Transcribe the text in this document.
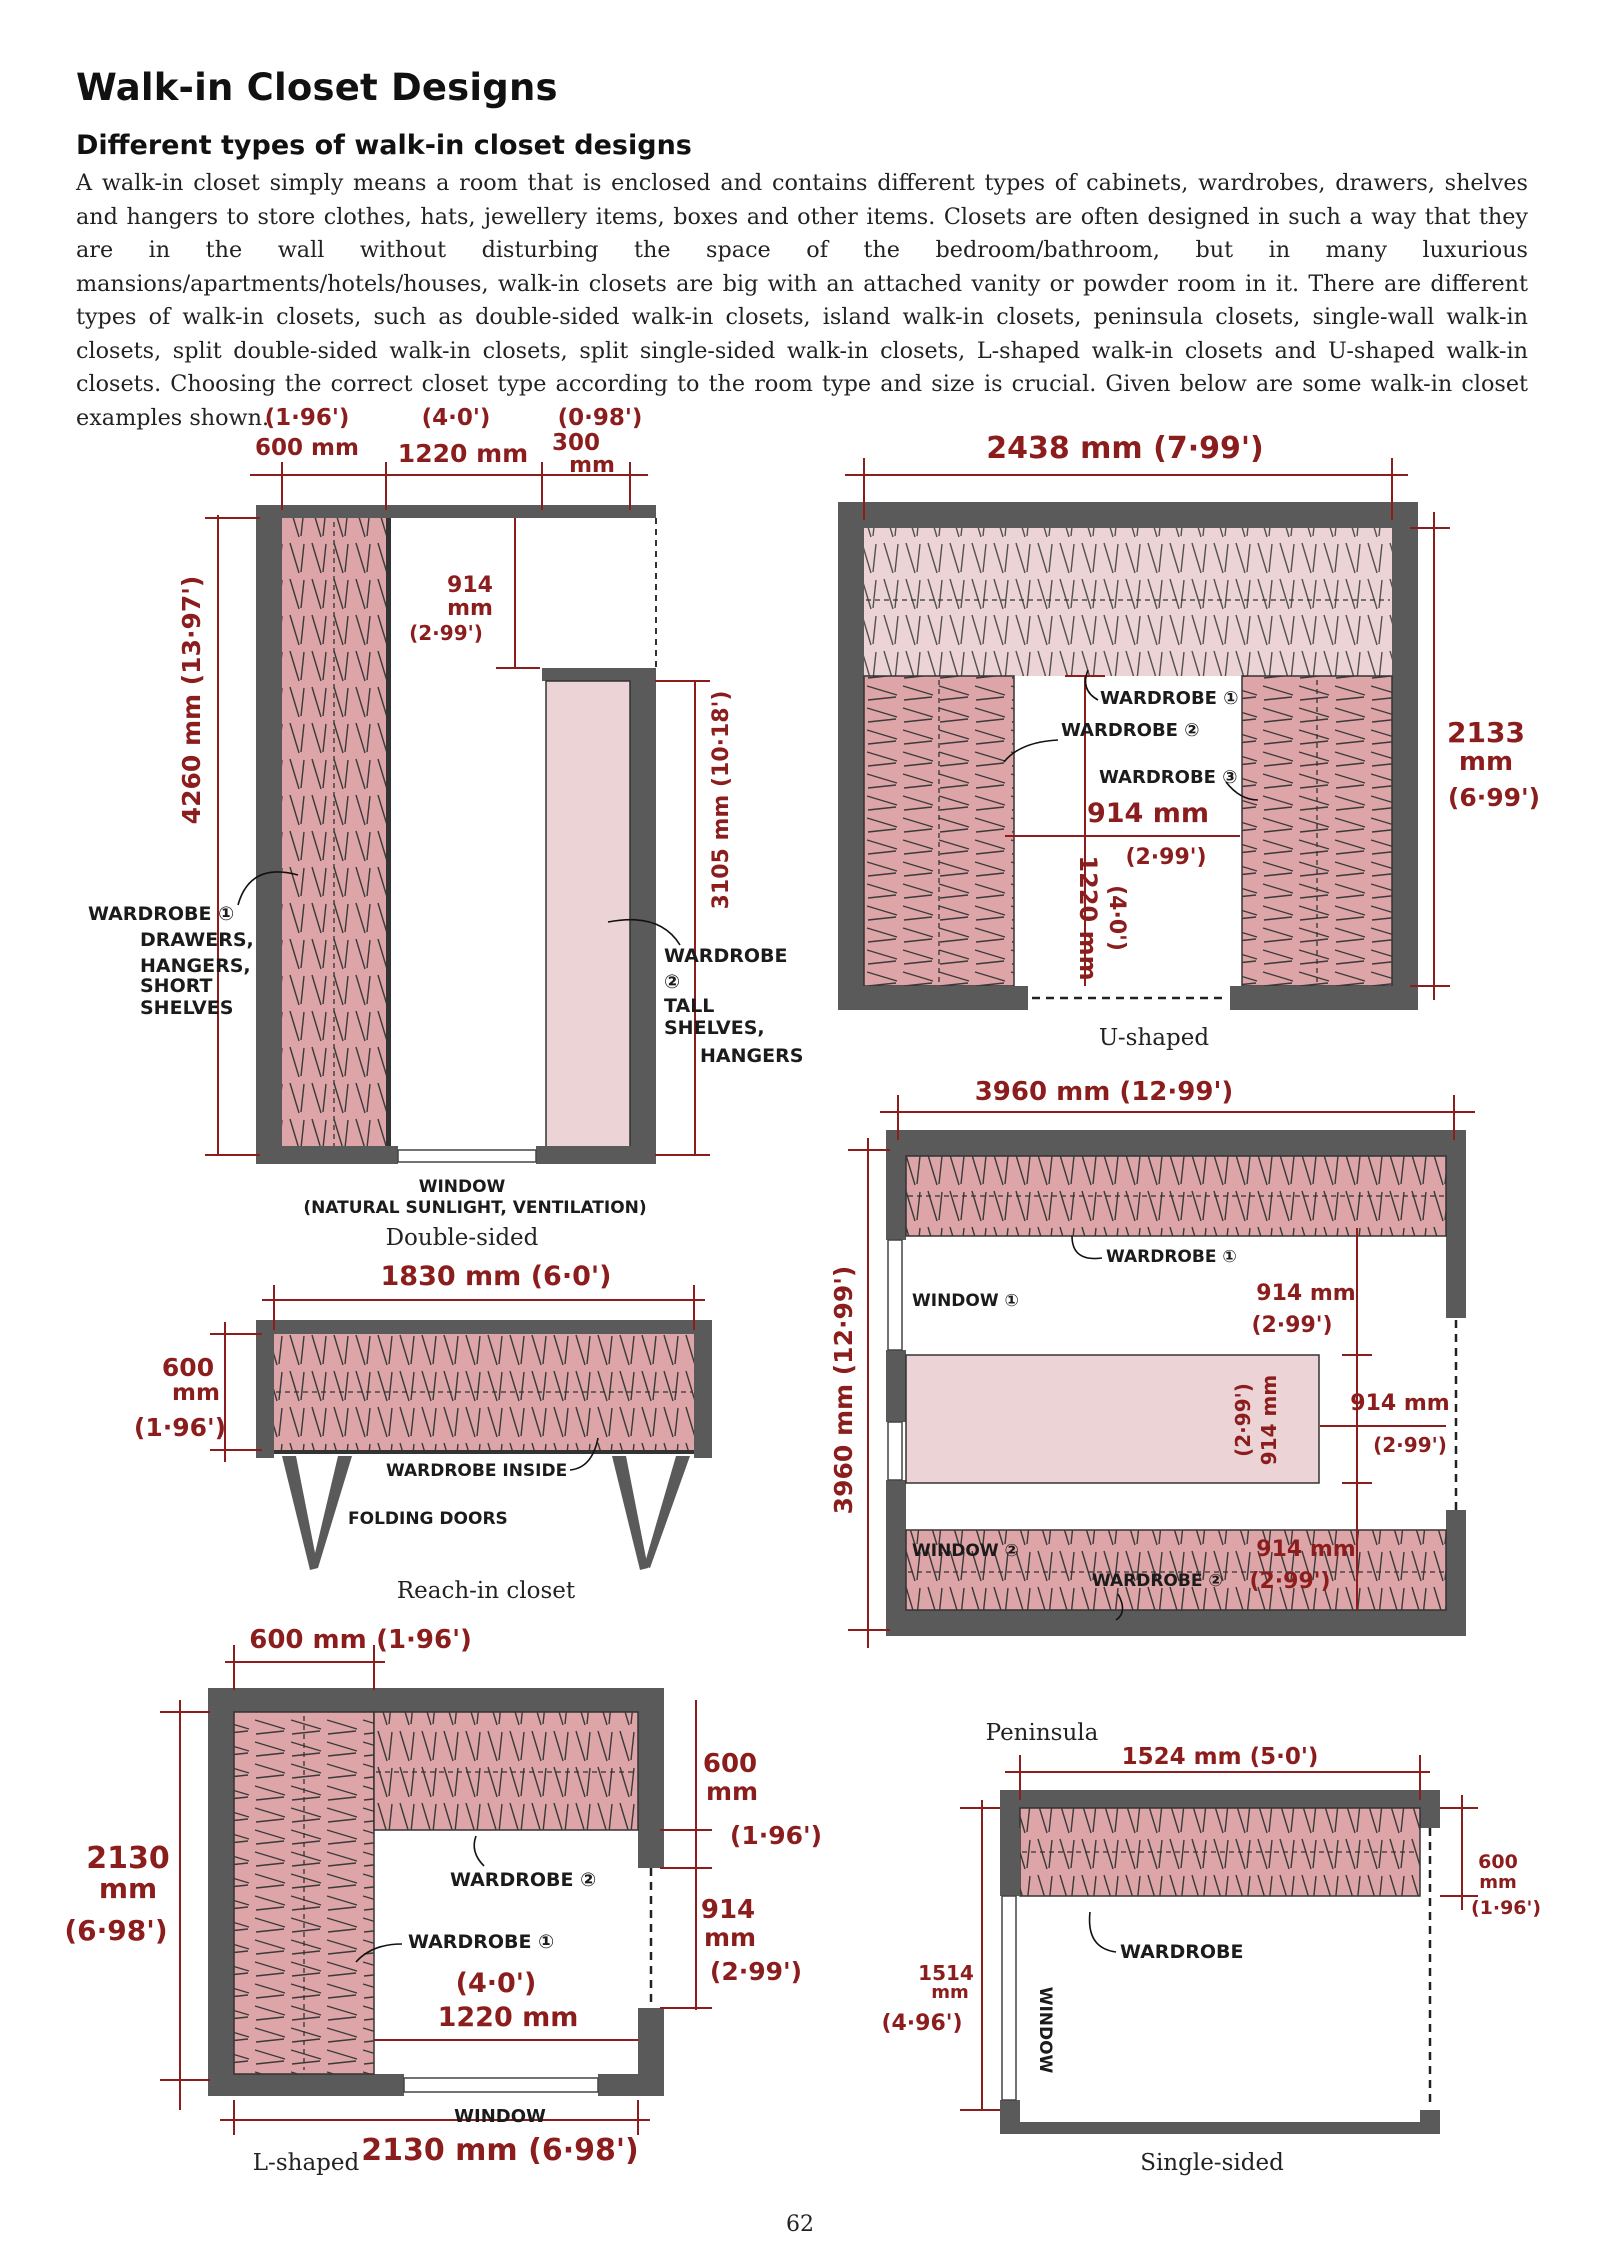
Walk-in Closet Designs
Different types of walk-in closet designs

A walk-in closet simply means a room that is enclosed and contains different types of cabinets, wardrobes, drawers, shelves and hangers to store clothes, hats, jewellery items, boxes and other items. Closets are often designed in such a way that they are in the wall without disturbing the space of the bedroom/bathroom, but in many luxurious mansions/apartments/hotels/houses, walk-in closets are big with an attached vanity or powder room in it. There are different types of walk-in closets, such as double-sided walk-in closets, island walk-in closets, peninsula closets, single-wall walk-in closets, split double-sided walk-in closets, split single-sided walk-in closets, L-shaped walk-in closets and U-shaped walk-in closets. Choosing the correct closet type according to the room type and size is crucial. Given below are some walk-in closet examples shown.

(1·96')
600 mm
(4·0')
1220 mm
(0·98')
300
mm
914
mm
(2·99')
4260 mm (13·97')	3105 mm (10·18')
WARDROBE ①
DRAWERS,
HANGERS,
SHORT
SHELVES
WARDROBE
②
TALL
SHELVES,
HANGERS
WINDOW
(NATURAL SUNLIGHT, VENTILATION)
2438 mm (7·99')
2133
mm
(6·99')
WARDROBE ①
WARDROBE ②
WARDROBE ③
914 mm
(2·99')
1220 mm (4·0')
1830 mm (6·0')
600
mm
(1·96')
WARDROBE INSIDE
FOLDING DOORS
3960 mm (12·99')
3960 mm (12·99')
WARDROBE ①
WARDROBE ②
WINDOW ①
WINDOW ②
914 mm
(2·99')
914 mm
(2·99')	914 mm
(2·99')
914 mm
(2·99')
600 mm (1·96')
2130
mm
(6·98')
600
mm
(1·96')
914
mm
(2·99')
WARDROBE ②
WARDROBE ①
(4·0')
1220 mm
WINDOW
2130 mm (6·98')
1524 mm (5·0')
600
mm
(1·96')
1514
mm
(4·96')
WARDROBE
WINDOW
Double-sided
U-shaped
Reach-in closet
Peninsula
L-shaped	Single-sided
62
